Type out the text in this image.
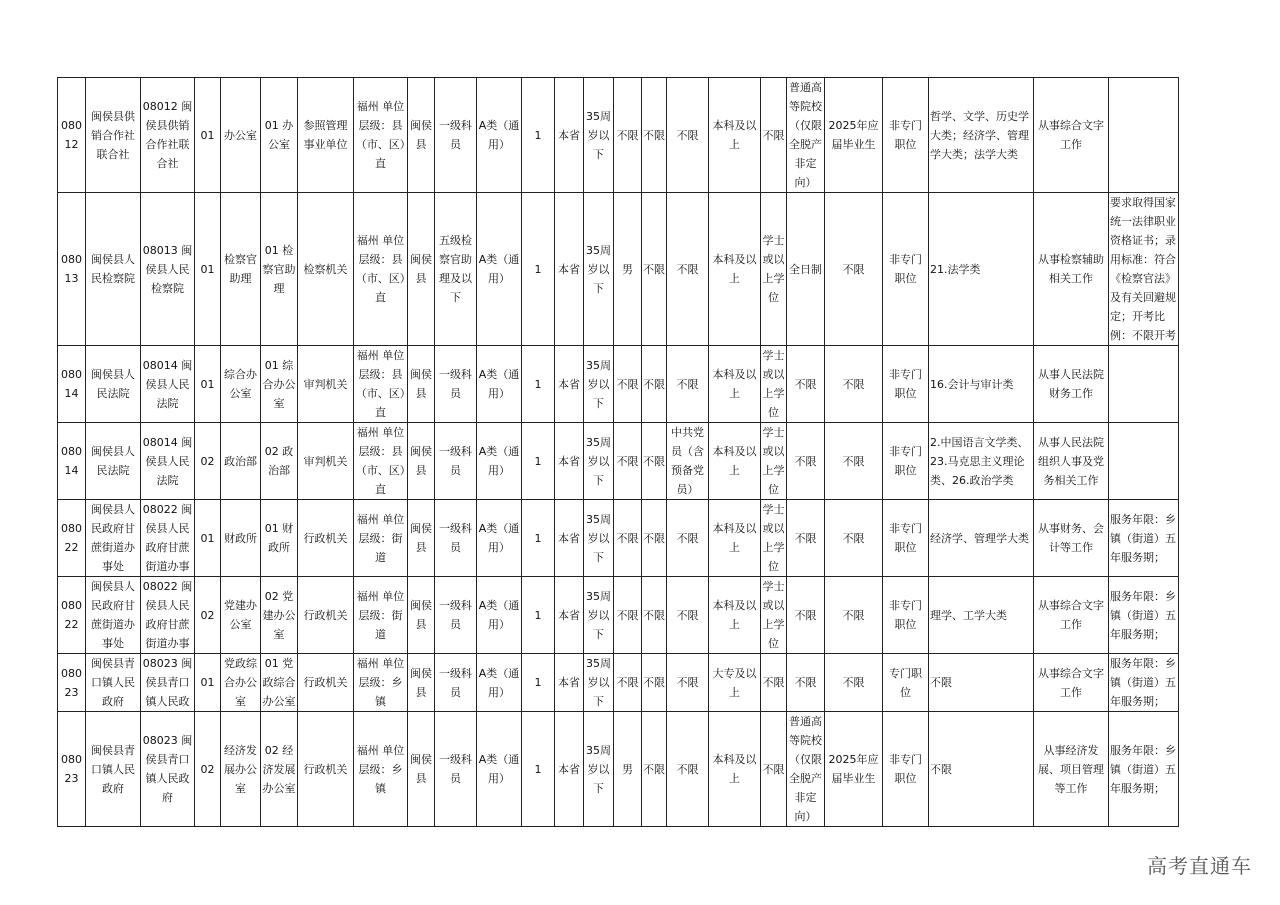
08012	闽侯县供销合作社联合社	08012 闽侯县供销合作社联合社	01	办公室	01 办公室	参照管理事业单位	福州 单位层级：县（市、区）直	闽侯县	一级科员	A类（通用）	1	本省	35周岁以下	不限	不限	不限	本科及以上	不限	普通高等院校（仅限全脱产非定向）	2025年应届毕业生	非专门职位	哲学、文学、历史学大类；经济学、管理学大类；法学大类	从事综合文字工作	
08013	闽侯县人民检察院	08013 闽侯县人民检察院	01	检察官助理	01 检察官助理	检察机关	福州 单位层级：县（市、区）直	闽侯县	五级检察官助理及以下	A类（通用）	1	本省	35周岁以下	男	不限	不限	本科及以上	学士或以上学位	全日制	不限	非专门职位	21.法学类	从事检察辅助相关工作	要求取得国家统一法律职业资格证书；录用标准：符合《检察官法》及有关回避规定；开考比例：不限开考
08014	闽侯县人民法院	08014 闽侯县人民法院	01	综合办公室	01 综合办公室	审判机关	福州 单位层级：县（市、区）直	闽侯县	一级科员	A类（通用）	1	本省	35周岁以下	不限	不限	不限	本科及以上	学士或以上学位	不限	不限	非专门职位	16.会计与审计类	从事人民法院财务工作	
08014	闽侯县人民法院	08014 闽侯县人民法院	02	政治部	02 政治部	审判机关	福州 单位层级：县（市、区）直	闽侯县	一级科员	A类（通用）	1	本省	35周岁以下	不限	不限	中共党员（含预备党员）	本科及以上	学士或以上学位	不限	不限	非专门职位	2.中国语言文学类、23.马克思主义理论类、26.政治学类	从事人民法院组织人事及党务相关工作	
08022	闽侯县人民政府甘蔗街道办事处	08022 闽侯县人民政府甘蔗街道办事	01	财政所	01 财政所	行政机关	福州 单位层级：街道	闽侯县	一级科员	A类（通用）	1	本省	35周岁以下	不限	不限	不限	本科及以上	学士或以上学位	不限	不限	非专门职位	经济学、管理学大类	从事财务、会计等工作	服务年限：乡镇（街道）五年服务期；
08022	闽侯县人民政府甘蔗街道办事处	08022 闽侯县人民政府甘蔗街道办事	02	党建办公室	02 党建办公室	行政机关	福州 单位层级：街道	闽侯县	一级科员	A类（通用）	1	本省	35周岁以下	不限	不限	不限	本科及以上	学士或以上学位	不限	不限	非专门职位	理学、工学大类	从事综合文字工作	服务年限：乡镇（街道）五年服务期；
08023	闽侯县青口镇人民政府	08023 闽侯县青口镇人民政	01	党政综合办公室	01 党政综合办公室	行政机关	福州 单位层级：乡镇	闽侯县	一级科员	A类（通用）	1	本省	35周岁以下	不限	不限	不限	大专及以上	不限	不限	不限	专门职位	不限	从事综合文字工作	服务年限：乡镇（街道）五年服务期；
08023	闽侯县青口镇人民政府	08023 闽侯县青口镇人民政府	02	经济发展办公室	02 经济发展办公室	行政机关	福州 单位层级：乡镇	闽侯县	一级科员	A类（通用）	1	本省	35周岁以下	男	不限	不限	本科及以上	不限	普通高等院校（仅限全脱产非定向）	2025年应届毕业生	非专门职位	不限	从事经济发展、项目管理等工作	服务年限：乡镇（街道）五年服务期；
高考直通车
